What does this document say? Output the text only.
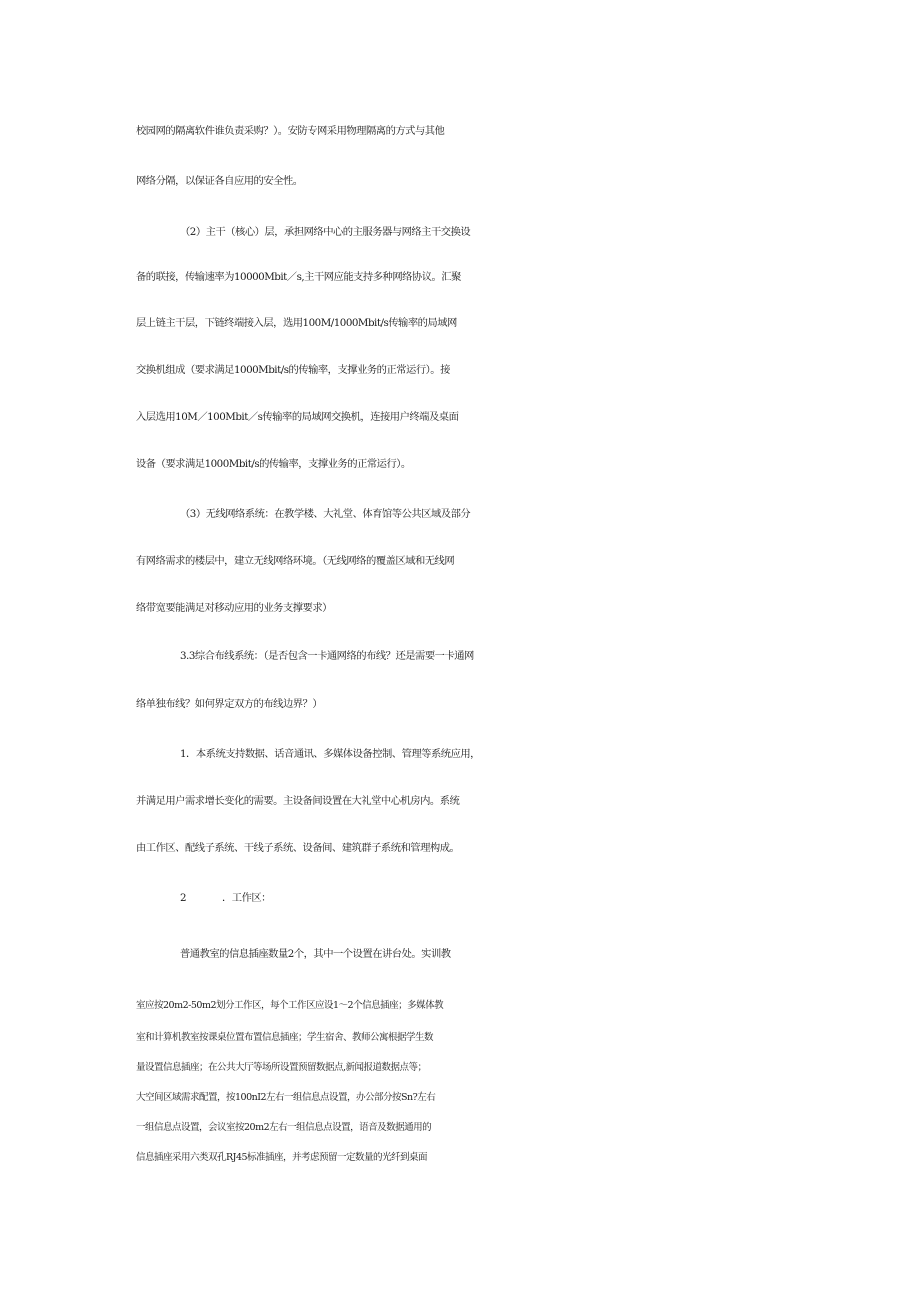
校园网的隔离软件谁负责采购？）。安防专网采用物理隔离的方式与其他
网络分隔，以保证各自应用的安全性。
（2）主干（核心）层，承担网络中心的主服务器与网络主干交换设
备的联接，传输速率为10000Mbit／s,主干网应能支持多种网络协议。汇聚
层上链主干层，下链终端接入层，选用100M/1000Mbit/s传输率的局域网
交换机组成（要求满足1000Mbit/s的传输率，支撑业务的正常运行）。接
入层选用10M／100Mbit／s传输率的局域网交换机，连接用户终端及桌面
设备（要求满足1000Mbit/s的传输率，支撑业务的正常运行）。
（3）无线网络系统：在教学楼、大礼堂、体育馆等公共区域及部分
有网络需求的楼层中，建立无线网络环境。（无线网络的覆盖区域和无线网
络带宽要能满足对移动应用的业务支撑要求）
3.3综合布线系统：（是否包含一卡通网络的布线？还是需要一卡通网
络单独布线？如何界定双方的布线边界？）
1．本系统支持数据、话音通讯、多媒体设备控制、管理等系统应用，
并满足用户需求增长变化的需要。主设备间设置在大礼堂中心机房内。系统
由工作区、配线子系统、干线子系统、设备间、建筑群子系统和管理构成。
2	．工作区：
普通教室的信息插座数量2个，其中一个设置在讲台处。实训教
室应按20m2-50m2划分工作区，每个工作区应设1〜2个信息插座；多媒体教
室和计算机教室按课桌位置布置信息插座；学生宿舍、教师公寓根据学生数
量设置信息插座；在公共大厅等场所设置预留数据点,新闻报道数据点等；
大空间区域需求配置，按100nI2左右一组信息点设置，办公部分按Sn?左右
一组信息点设置，会议室按20m2左右一组信息点设置，语音及数据通用的
信息插座采用六类双孔RJ45标准插座，并考虑预留一定数量的光纤到桌面
